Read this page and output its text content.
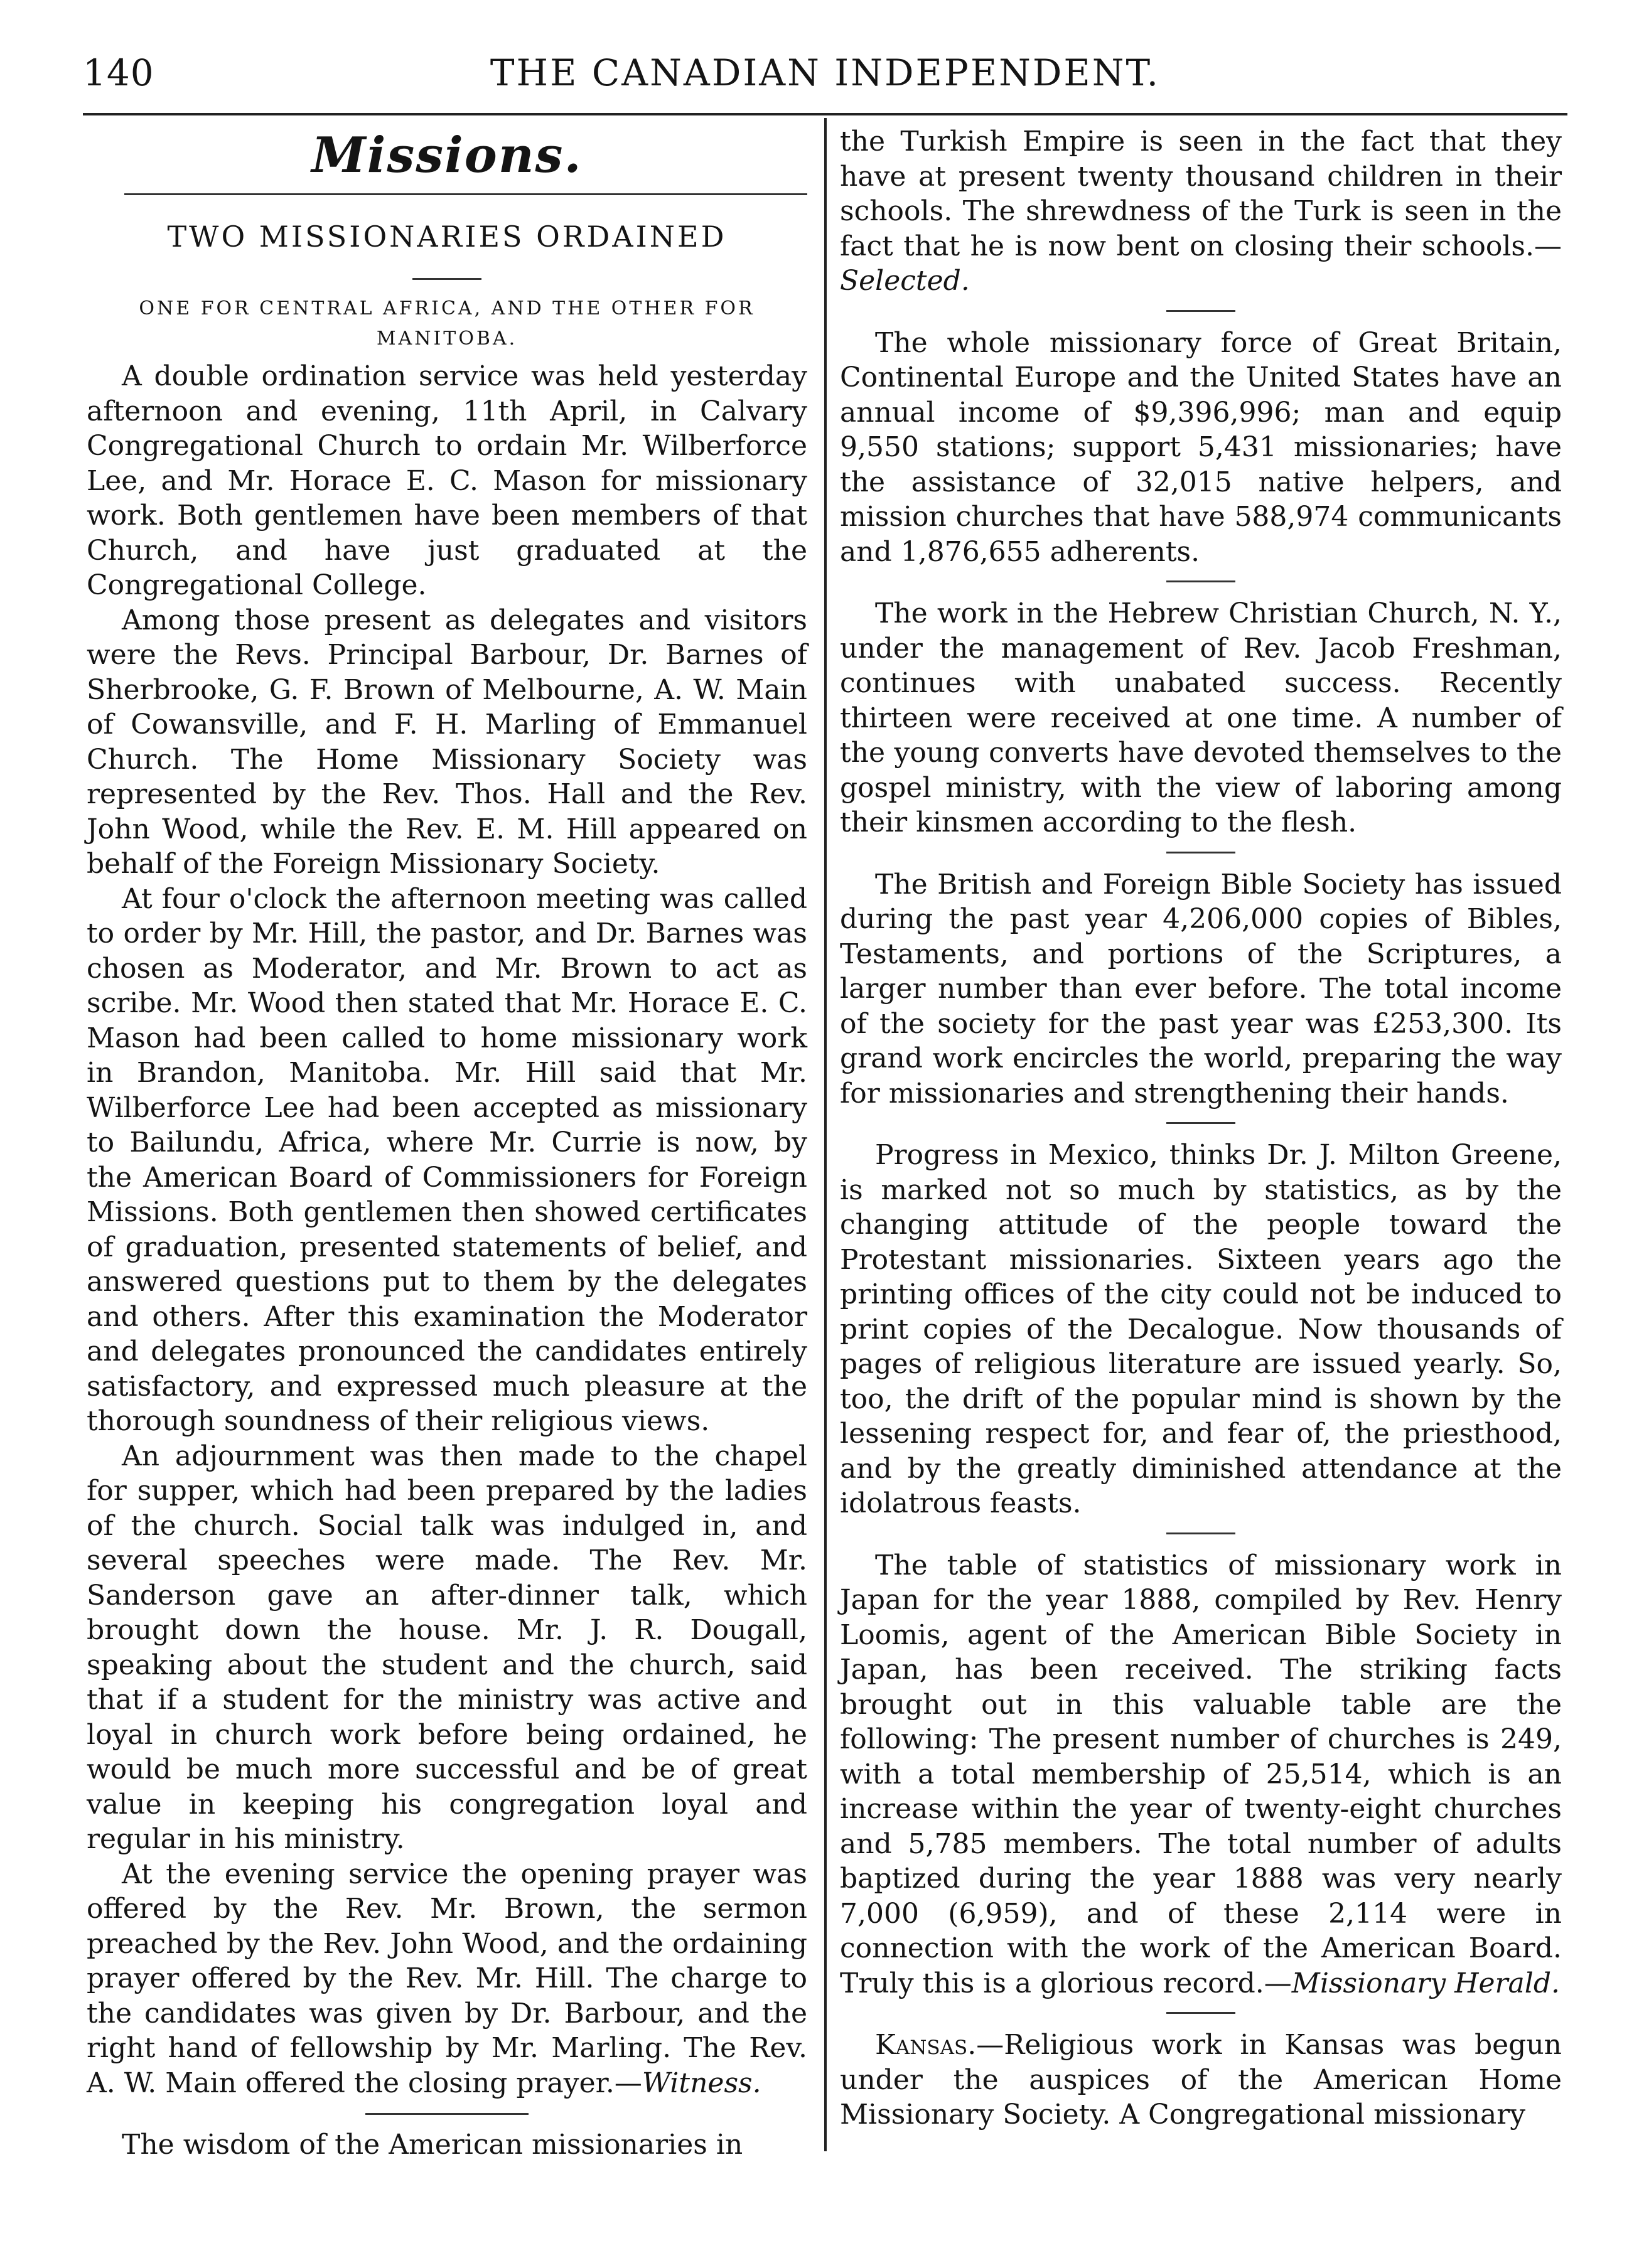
140	THE CANADIAN INDEPENDENT.
Missions.
TWO MISSIONARIES ORDAINED
ONE FOR CENTRAL AFRICA, AND THE OTHER FOR MANITOBA.

A double ordination service was held yesterday afternoon and evening, 11th April, in Calvary Congregational Church to ordain Mr. Wilberforce Lee, and Mr. Horace E. C. Mason for missionary work. Both gentlemen have been members of that Church, and have just graduated at the Congregational College.

Among those present as delegates and visitors were the Revs. Principal Barbour, Dr. Barnes of Sherbrooke, G. F. Brown of Melbourne, A. W. Main of Cowansville, and F. H. Marling of Emmanuel Church. The Home Missionary Society was represented by the Rev. Thos. Hall and the Rev. John Wood, while the Rev. E. M. Hill appeared on behalf of the Foreign Missionary Society.

At four o'clock the afternoon meeting was called to order by Mr. Hill, the pastor, and Dr. Barnes was chosen as Moderator, and Mr. Brown to act as scribe. Mr. Wood then stated that Mr. Horace E. C. Mason had been called to home missionary work in Brandon, Manitoba. Mr. Hill said that Mr. Wilberforce Lee had been accepted as missionary to Bailundu, Africa, where Mr. Currie is now, by the American Board of Commissioners for Foreign Missions. Both gentlemen then showed certificates of graduation, presented statements of belief, and answered questions put to them by the delegates and others. After this examination the Moderator and delegates pronounced the candidates entirely satisfactory, and expressed much pleasure at the thorough soundness of their religious views.

An adjournment was then made to the chapel for supper, which had been prepared by the ladies of the church. Social talk was indulged in, and several speeches were made. The Rev. Mr. Sanderson gave an after-dinner talk, which brought down the house. Mr. J. R. Dougall, speaking about the student and the church, said that if a student for the ministry was active and loyal in church work before being ordained, he would be much more successful and be of great value in keeping his congregation loyal and regular in his ministry.

At the evening service the opening prayer was offered by the Rev. Mr. Brown, the sermon preached by the Rev. John Wood, and the ordaining prayer offered by the Rev. Mr. Hill. The charge to the candidates was given by Dr. Barbour, and the right hand of fellowship by Mr. Marling. The Rev. A. W. Main offered the closing prayer.—Witness.

The wisdom of the American missionaries in

the Turkish Empire is seen in the fact that they have at present twenty thousand children in their schools. The shrewdness of the Turk is seen in the fact that he is now bent on closing their schools.—Selected.

The whole missionary force of Great Britain, Continental Europe and the United States have an annual income of $9,396,996; man and equip 9,550 stations; support 5,431 missionaries; have the assistance of 32,015 native helpers, and mission churches that have 588,974 communicants and 1,876,655 adherents.

The work in the Hebrew Christian Church, N. Y., under the management of Rev. Jacob Freshman, continues with unabated success. Recently thirteen were received at one time. A number of the young converts have devoted themselves to the gospel ministry, with the view of laboring among their kinsmen according to the flesh.

The British and Foreign Bible Society has issued during the past year 4,206,000 copies of Bibles, Testaments, and portions of the Scriptures, a larger number than ever before. The total income of the society for the past year was £253,300. Its grand work encircles the world, preparing the way for missionaries and strengthening their hands.

Progress in Mexico, thinks Dr. J. Milton Greene, is marked not so much by statistics, as by the changing attitude of the people toward the Protestant missionaries. Sixteen years ago the printing offices of the city could not be induced to print copies of the Decalogue. Now thousands of pages of religious literature are issued yearly. So, too, the drift of the popular mind is shown by the lessening respect for, and fear of, the priesthood, and by the greatly diminished attendance at the idolatrous feasts.

The table of statistics of missionary work in Japan for the year 1888, compiled by Rev. Henry Loomis, agent of the American Bible Society in Japan, has been received. The striking facts brought out in this valuable table are the following: The present number of churches is 249, with a total membership of 25,514, which is an increase within the year of twenty-eight churches and 5,785 members. The total number of adults baptized during the year 1888 was very nearly 7,000 (6,959), and of these 2,114 were in connection with the work of the American Board. Truly this is a glorious record.—Missionary Herald.

Kansas.—Religious work in Kansas was begun under the auspices of the American Home Missionary Society. A Congregational missionary
